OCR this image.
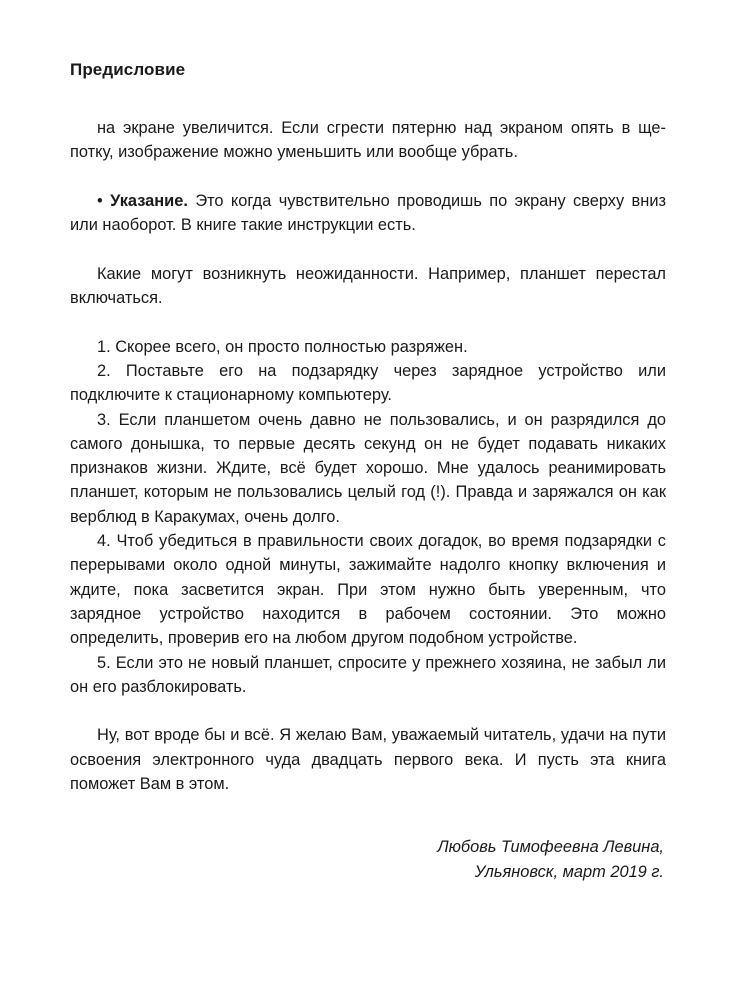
Предисловие

на экране увеличится. Если сгрести пятерню над экраном опять в щепотку, изображение можно уменьшить или вообще убрать.

• Указание. Это когда чувствительно проводишь по экрану сверху вниз или наоборот. В книге такие инструкции есть.

Какие могут возникнуть неожиданности. Например, планшет перестал включаться.

1. Скорее всего, он просто полностью разряжен.

2. Поставьте его на подзарядку через зарядное устройство или подключите к стационарному компьютеру.

3. Если планшетом очень давно не пользовались, и он разрядился до самого донышка, то первые десять секунд он не будет подавать никаких признаков жизни. Ждите, всё будет хорошо. Мне удалось реанимировать планшет, которым не пользовались целый год (!). Правда и заряжался он как верблюд в Каракумах, очень долго.

4. Чтоб убедиться в правильности своих догадок, во время подзарядки с перерывами около одной минуты, зажимайте надолго кнопку включения и ждите, пока засветится экран. При этом нужно быть уверенным, что зарядное устройство находится в рабочем состоянии. Это можно определить, проверив его на любом другом подобном устройстве.

5. Если это не новый планшет, спросите у прежнего хозяина, не забыл ли он его разблокировать.

Ну, вот вроде бы и всё. Я желаю Вам, уважаемый читатель, удачи на пути освоения электронного чуда двадцать первого века. И пусть эта книга поможет Вам в этом.

Любовь Тимофеевна Левина,
Ульяновск, март 2019 г.
